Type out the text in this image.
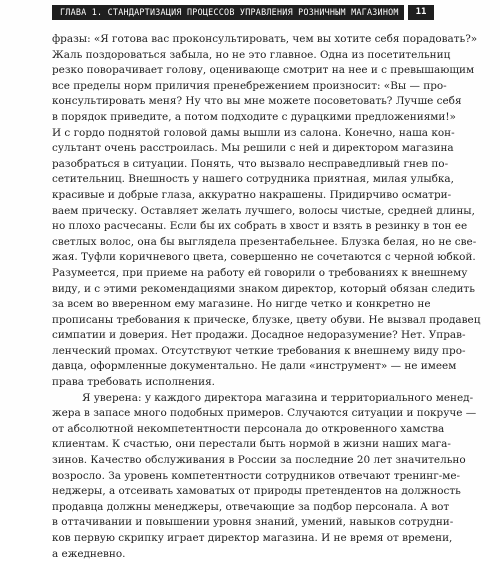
ГЛАВА 1. СТАНДАРТИЗАЦИЯ ПРОЦЕССОВ УПРАВЛЕНИЯ РОЗНИЧНЫМ МАГАЗИНОМ	11
фразы: «Я готова вас проконсультировать, чем вы хотите себя порадовать?»
Жаль поздороваться забыла, но не это главное. Одна из посетительниц
резко поворачивает голову, оценивающе смотрит на нее и с превышающим
все пределы норм приличия пренебрежением произносит: «Вы — про-
консультировать меня? Ну что вы мне можете посоветовать? Лучше себя
в порядок приведите, а потом подходите с дурацкими предложениями!»
И с гордо поднятой головой дамы вышли из салона. Конечно, наша кон-
сультант очень расстроилась. Мы решили с ней и директором магазина
разобраться в ситуации. Понять, что вызвало несправедливый гнев по-
сетительниц. Внешность у нашего сотрудника приятная, милая улыбка,
красивые и добрые глаза, аккуратно накрашены. Придирчиво осматри-
ваем прическу. Оставляет желать лучшего, волосы чистые, средней длины,
но плохо расчесаны. Если бы их собрать в хвост и взять в резинку в тон ее
светлых волос, она бы выглядела презентабельнее. Блузка белая, но не све-
жая. Туфли коричневого цвета, совершенно не сочетаются с черной юбкой.
Разумеется, при приеме на работу ей говорили о требованиях к внешнему
виду, и с этими рекомендациями знаком директор, который обязан следить
за всем во вверенном ему магазине. Но нигде четко и конкретно не
прописаны требования к прическе, блузке, цвету обуви. Не вызвал продавец
симпатии и доверия. Нет продажи. Досадное недоразумение? Нет. Управ-
ленческий промах. Отсутствуют четкие требования к внешнему виду про-
давца, оформленные документально. Не дали «инструмент» — не имеем
права требовать исполнения.
Я уверена: у каждого директора магазина и территориального менед-
жера в запасе много подобных примеров. Случаются ситуации и покруче —
от абсолютной некомпетентности персонала до откровенного хамства
клиентам. К счастью, они перестали быть нормой в жизни наших мага-
зинов. Качество обслуживания в России за последние 20 лет значительно
возросло. За уровень компетентности сотрудников отвечают тренинг-ме-
неджеры, а отсеивать хамоватых от природы претендентов на должность
продавца должны менеджеры, отвечающие за подбор персонала. А вот
в оттачивании и повышении уровня знаний, умений, навыков сотрудни-
ков первую скрипку играет директор магазина. И не время от времени,
а ежедневно.
